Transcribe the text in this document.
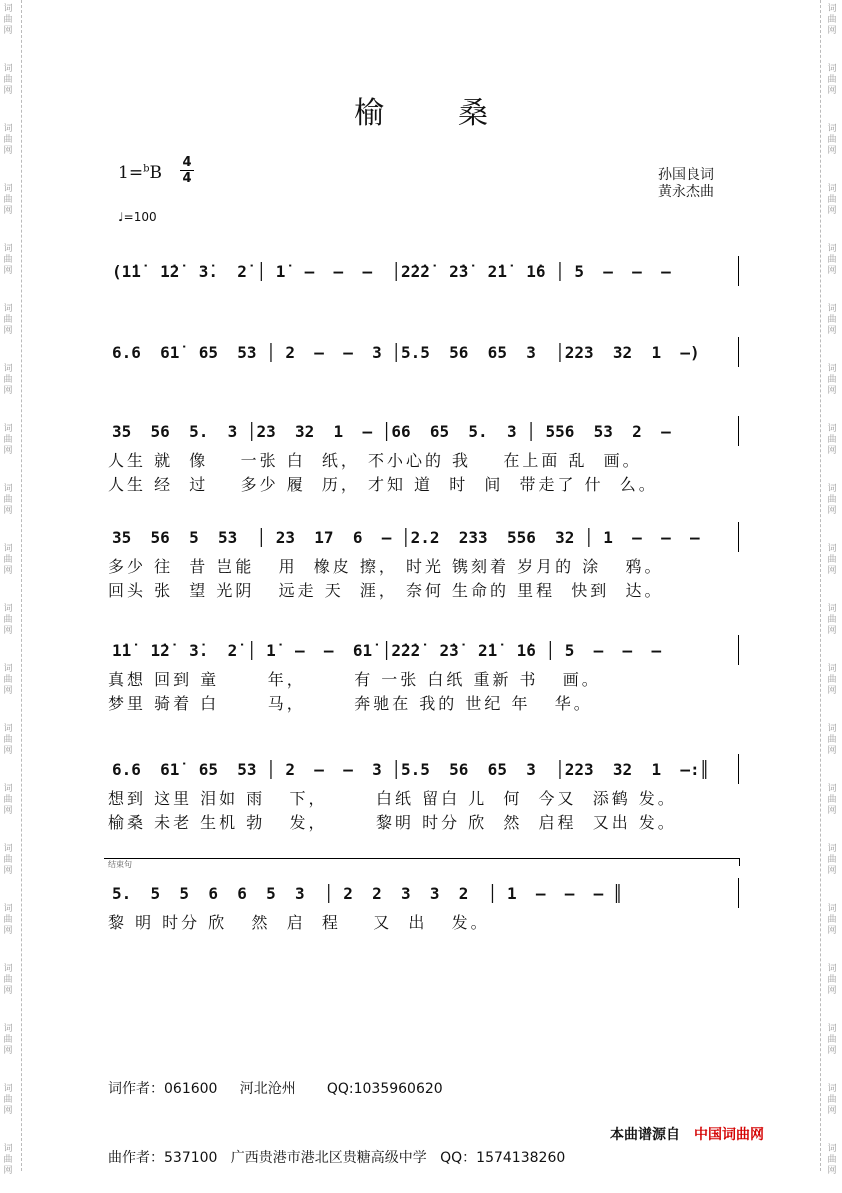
词
曲
网
词
曲
网
词
曲
网
词
曲
网
词
曲
网
词
曲
网
词
曲
网
词
曲
网
词
曲
网
词
曲
网
词
曲
网
词
曲
网
词
曲
网
词
曲
网
词
曲
网
词
曲
网
词
曲
网
词
曲
网
词
曲
网
词
曲
网
词
曲
网
词
曲
网
词
曲
网
词
曲
网
词
曲
网
词
曲
网
词
曲
网
词
曲
网
词
曲
网
词
曲
网
词
曲
网
词
曲
网
词
曲
网
词
曲
网
词
曲
网
词
曲
网
词
曲
网
词
曲
网
词
曲
网
词
曲
网
榆桑
1=$^b$B
4
4
♩=100
孙国良词
黄永杰曲
(1̇1̇  1̇2̇  3̇.  2̇ │ 1̇  –  –  –  │2̇2̇2̇  2̇3̇  2̇1̇  1̇6 │ 5  –  –  –
6.6  61̇  65  53 │ 2  –  –  3 │5.5  56  65  3  │223  32  1  –)
35  56  5.  3 │23  32  1  – │66  65  5.  3 │ 556  53  2  –
人生 就  像    一张 白  纸， 不小心的 我    在上面 乱  画。
人生 经  过    多少 履  历， 才知 道  时  间  带走了 什  么。
35  56  5  53  │ 23  17  6  – │2.2  233  556  32 │ 1  –  –  –
多少 往  昔 岂能   用  橡皮 擦， 时光 镌刻着 岁月的 涂   鸦。
回头 张  望 光阴   远走 天  涯， 奈何 生命的 里程  快到  达。
1̇1̇  1̇2̇  3̇.  2̇ │ 1̇  –  –  61̇ │2̇2̇2̇  2̇3̇  2̇1̇  1̇6 │ 5  –  –  –
真想 回到 童      年，      有 一张 白纸 重新 书   画。
梦里 骑着 白      马，      奔驰在 我的 世纪 年   华。
6.6  61̇  65  53 │ 2  –  –  3 │5.5  56  65  3  │223  32  1  –:║
想到 这里 泪如 雨   下，      白纸 留白 儿  何  今又  添鹤 发。
榆桑 未老 生机 勃   发，      黎明 时分 欣  然  启程  又出 发。
5.  5  5  6  6  5  3  │ 2  2  3  3  2  │ 1  –  –  – ║
黎 明 时分 欣   然  启  程    又  出   发。
结束句

词作者：061600     河北沧州       QQ:1035960620

曲作者：537100   广西贵港市港北区贵糖高级中学   QQ：1574138260

本曲谱源自 中国词曲网
